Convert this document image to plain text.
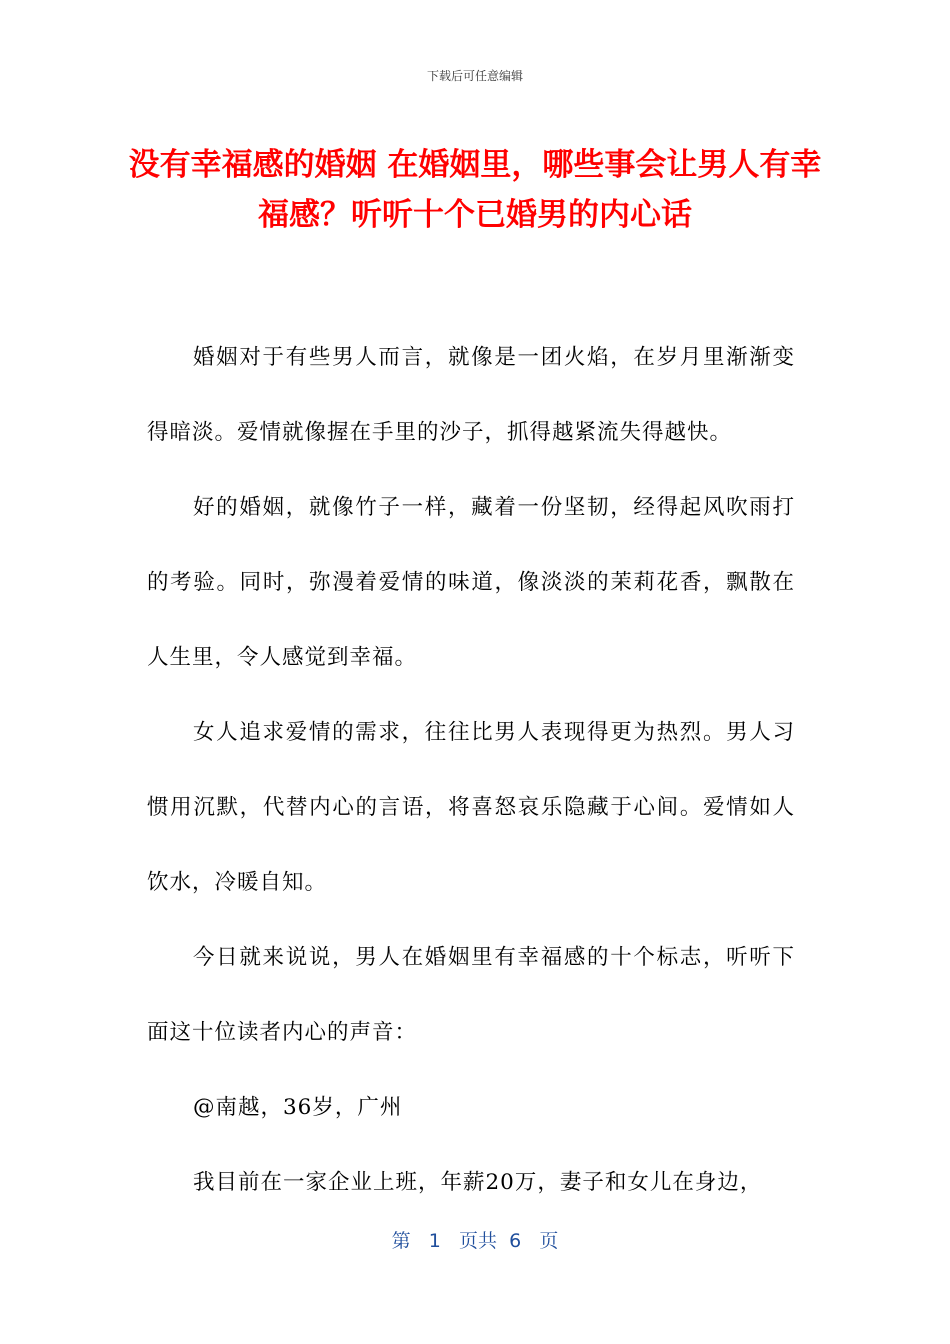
下载后可任意编辑
没有幸福感的婚姻 在婚姻里，哪些事会让男人有幸福感？听听十个已婚男的内心话

婚姻对于有些男人而言，就像是一团火焰，在岁月里渐渐变得暗淡。爱情就像握在手里的沙子，抓得越紧流失得越快。

好的婚姻，就像竹子一样，藏着一份坚韧，经得起风吹雨打的考验。同时，弥漫着爱情的味道，像淡淡的茉莉花香，飘散在人生里，令人感觉到幸福。

女人追求爱情的需求，往往比男人表现得更为热烈。男人习惯用沉默，代替内心的言语，将喜怒哀乐隐藏于心间。爱情如人饮水，冷暖自知。

今日就来说说，男人在婚姻里有幸福感的十个标志，听听下面这十位读者内心的声音：

@南越，36岁，广州

我目前在一家企业上班，年薪20万，妻子和女儿在身边，

第 1 页共 6 页
